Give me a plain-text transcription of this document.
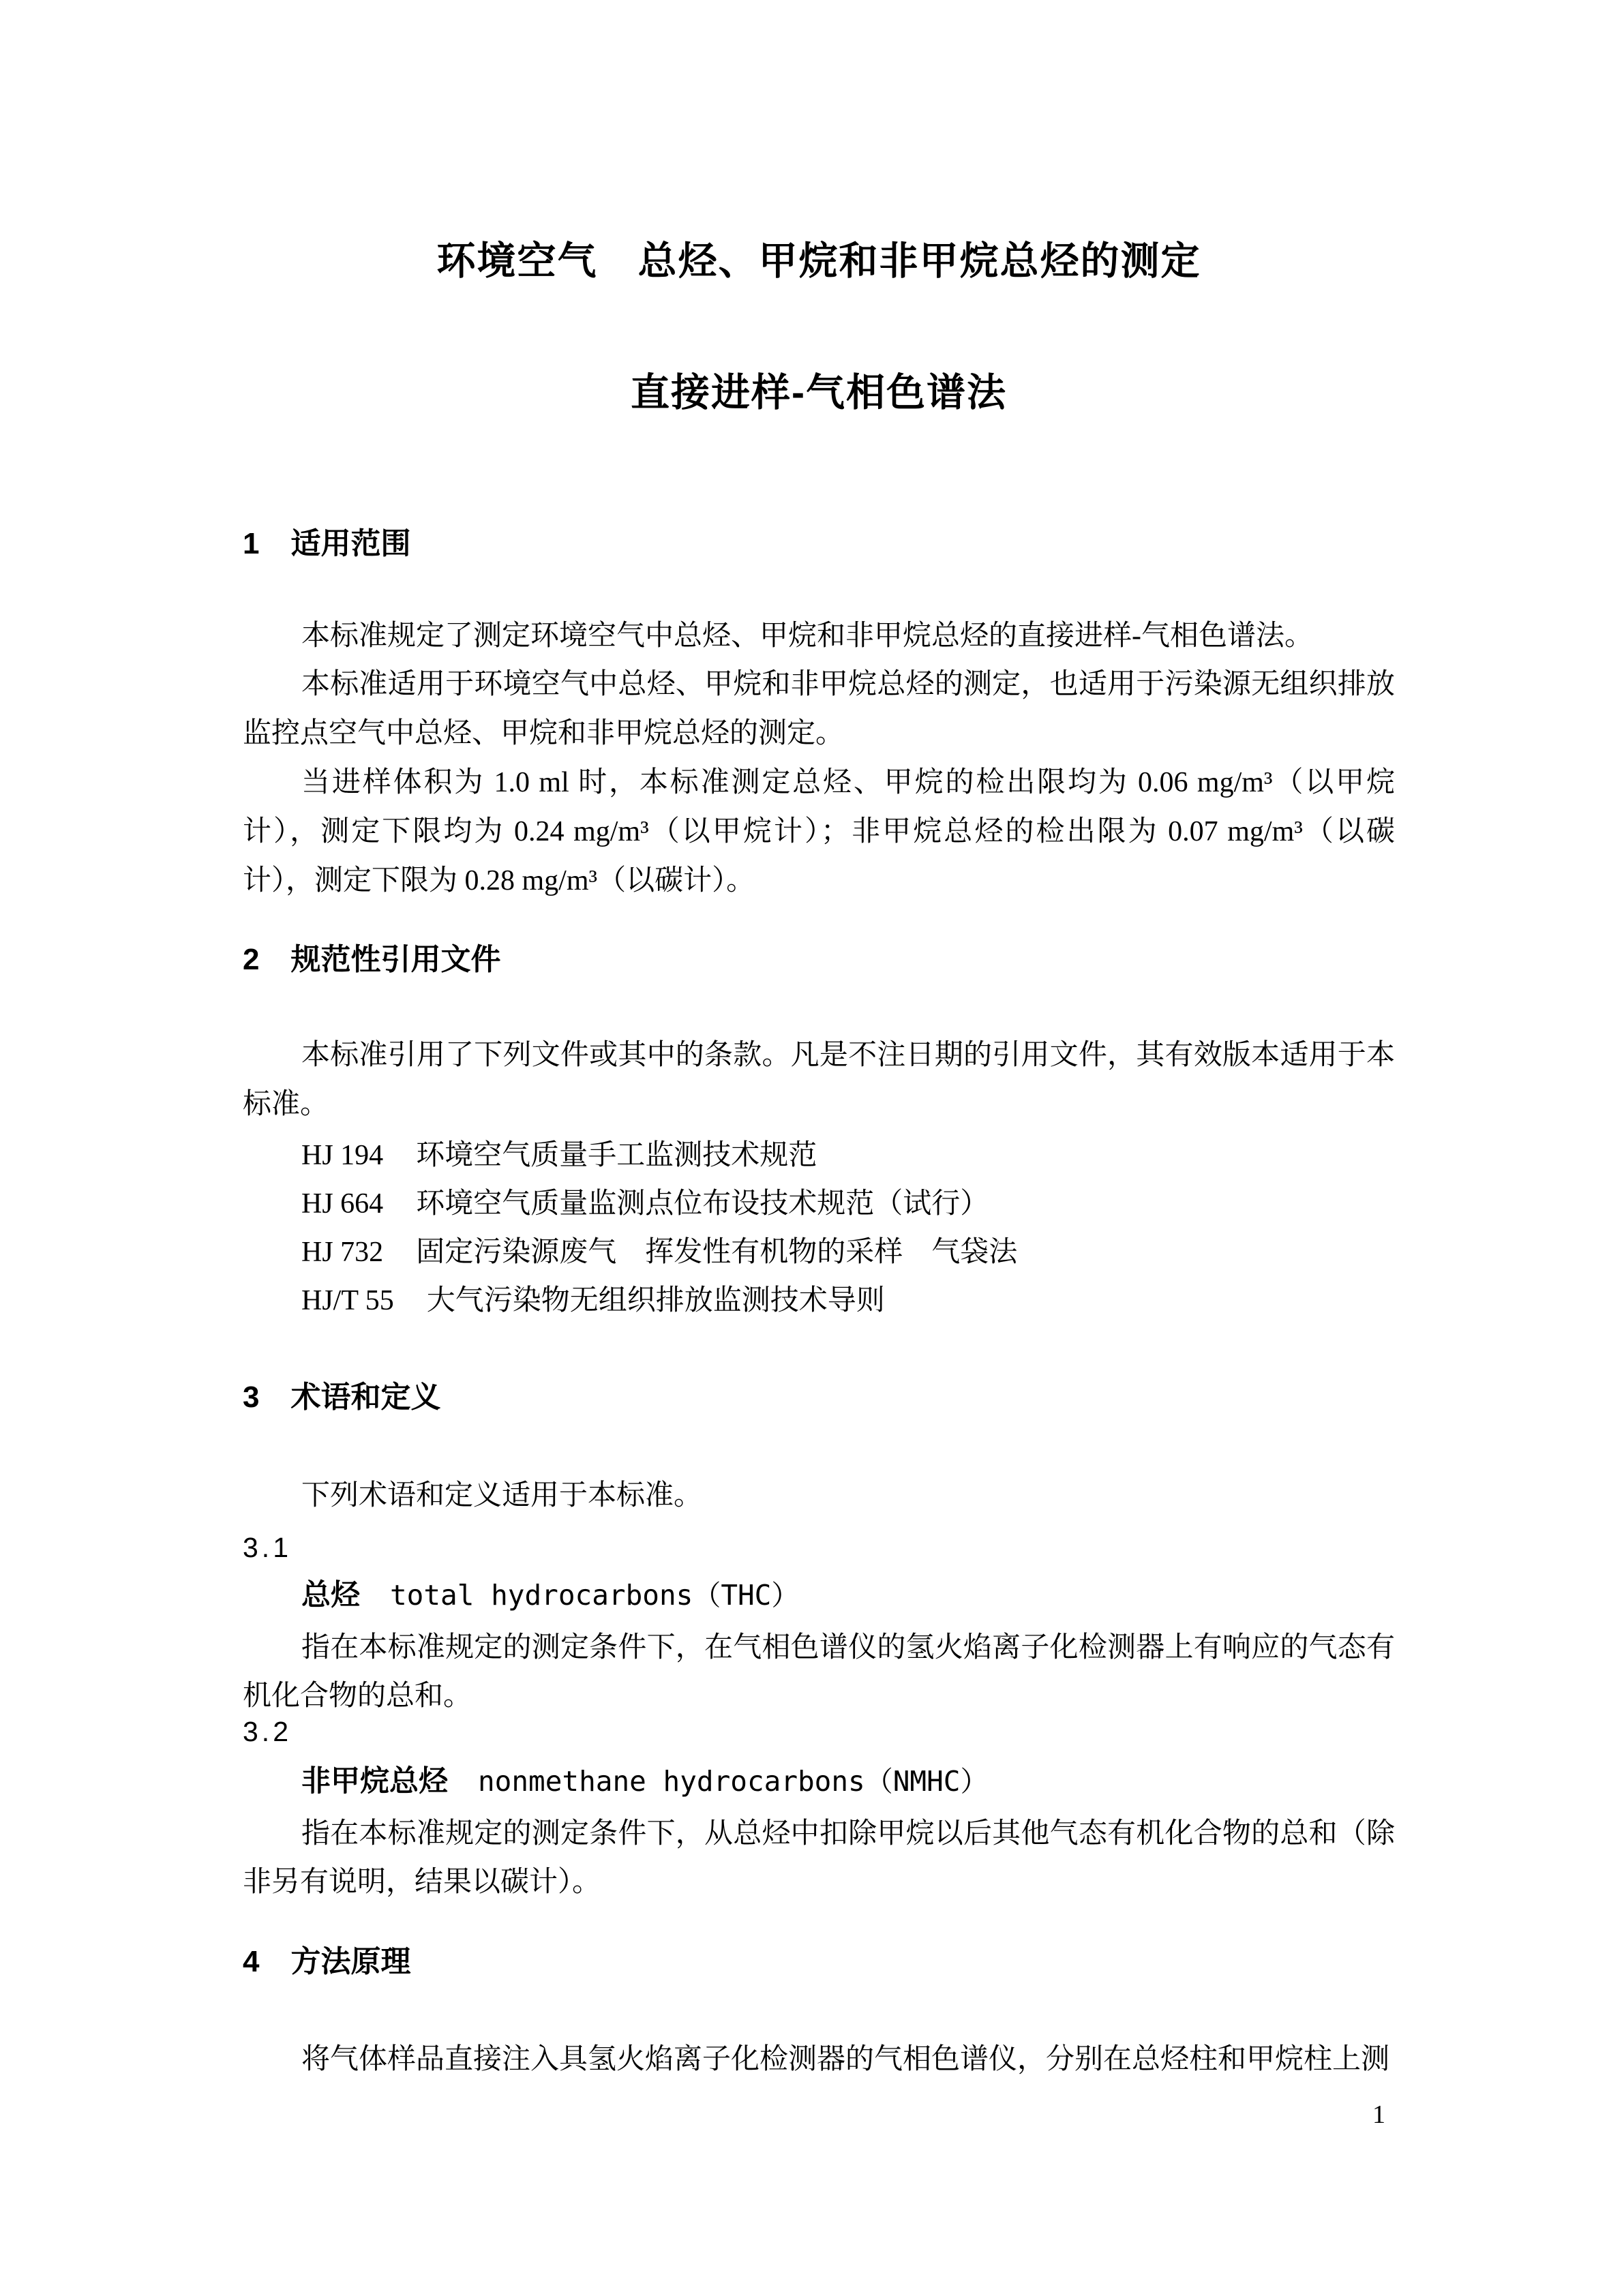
环境空气　总烃、甲烷和非甲烷总烃的测定
直接进样-气相色谱法
1 适用范围

本标准规定了测定环境空气中总烃、甲烷和非甲烷总烃的直接进样-气相色谱法。

本标准适用于环境空气中总烃、甲烷和非甲烷总烃的测定，也适用于污染源无组织排放监控点空气中总烃、甲烷和非甲烷总烃的测定。

当进样体积为 1.0 ml 时，本标准测定总烃、甲烷的检出限均为 0.06 mg/m³（以甲烷计），测定下限均为 0.24 mg/m³（以甲烷计）；非甲烷总烃的检出限为 0.07 mg/m³（以碳计），测定下限为 0.28 mg/m³（以碳计）。

2 规范性引用文件

本标准引用了下列文件或其中的条款。凡是不注日期的引用文件，其有效版本适用于本标准。

HJ 194 环境空气质量手工监测技术规范
HJ 664 环境空气质量监测点位布设技术规范（试行）
HJ 732 固定污染源废气　挥发性有机物的采样　气袋法
HJ/T 55 大气污染物无组织排放监测技术导则
3 术语和定义

下列术语和定义适用于本标准。

3.1
总烃 total hydrocarbons（THC）

指在本标准规定的测定条件下，在气相色谱仪的氢火焰离子化检测器上有响应的气态有机化合物的总和。

3.2
非甲烷总烃 nonmethane hydrocarbons（NMHC）

指在本标准规定的测定条件下，从总烃中扣除甲烷以后其他气态有机化合物的总和（除非另有说明，结果以碳计）。

4 方法原理

将气体样品直接注入具氢火焰离子化检测器的气相色谱仪，分别在总烃柱和甲烷柱上测

1
